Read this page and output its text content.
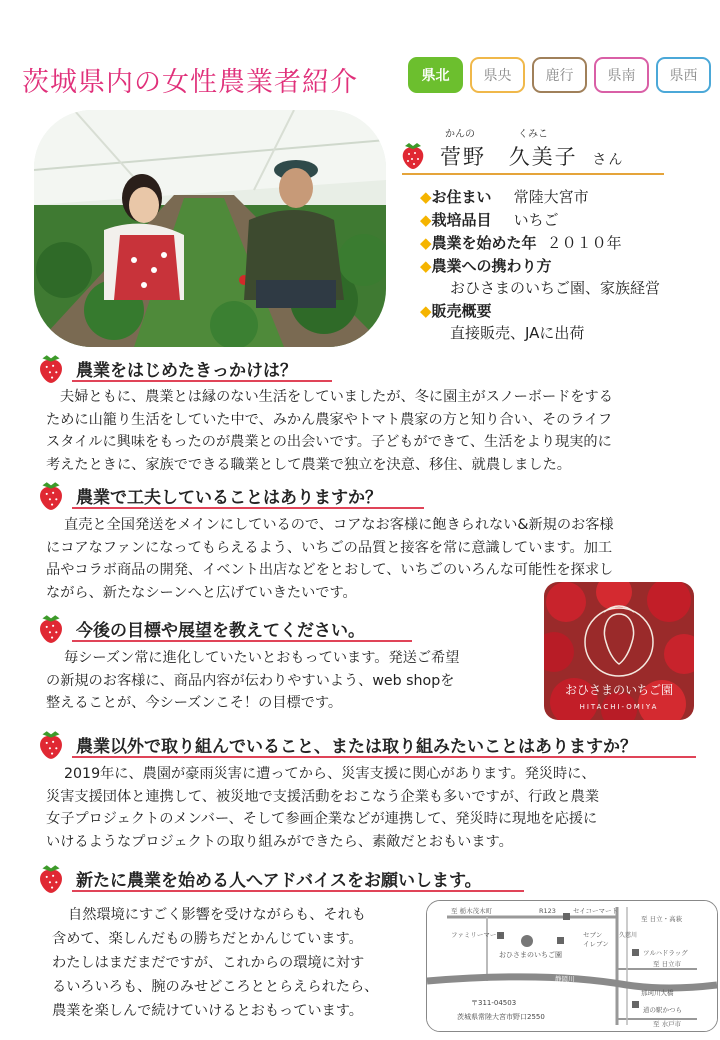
茨城県内の女性農業者紹介	県北	県央	鹿行	県南	県西
かんの	くみこ
菅野 久美子 さん
◆お住まい 常陸大宮市
◆栽培品目 いちご
◆農業を始めた年 ２０１０年
◆農業への携わり方
おひさまのいちご園、家族経営
◆販売概要
直接販売、JAに出荷
農業をはじめたきっかけは？
夫婦ともに、農業とは縁のない生活をしていましたが、冬に園主がスノーボードをする
ために山籠り生活をしていた中で、みかん農家やトマト農家の方と知り合い、そのライフ
スタイルに興味をもったのが農業との出会いです。子どもができて、生活をより現実的に
考えたときに、家族でできる職業として農業で独立を決意、移住、就農しました。
農業で工夫していることはありますか？
直売と全国発送をメインにしているので、コアなお客様に飽きられない&新規のお客様
にコアなファンになってもらえるよう、いちごの品質と接客を常に意識しています。加工
品やコラボ商品の開発、イベント出店などをとおして、いちごのいろんな可能性を探求し
ながら、新たなシーンへと広げていきたいです。
今後の目標や展望を教えてください。
毎シーズン常に進化していたいとおもっています。発送ご希望
の新規のお客様に、商品内容が伝わりやすいよう、web shopを
整えることが、今シーズンこそ！の目標です。
おひさまのいちご園
HITACHI-OMIYA
農業以外で取り組んでいること、または取り組みたいことはありますか？
2019年に、農園が豪雨災害に遭ってから、災害支援に関心があります。発災時に、
災害支援団体と連携して、被災地で支援活動をおこなう企業も多いですが、行政と農業
女子プロジェクトのメンバー、そして参画企業などが連携して、発災時に現地を応援に
いけるようなプロジェクトの取り組みができたら、素敵だとおもいます。
新たに農業を始める人へアドバイスをお願いします。
自然環境にすごく影響を受けながらも、それも
含めて、楽しんだもの勝ちだとかんじています。
わたしはまだまだですが、これからの環境に対す
るいろいろも、腕のみせどころととらえられたら、
農業を楽しんで続けていけるとおもっています。
至 栃木茂木町	R123	セイコーマート
ファミリーマート	セブン
イレブン
至 日立・高萩
ツルハドラッグ
至 日立市
静岡川
那珂川大橋
道の駅かつら
至 水戸市
久慈川
おひさまのいちご園
〒311-04503
茨城県常陸大宮市野口2550
